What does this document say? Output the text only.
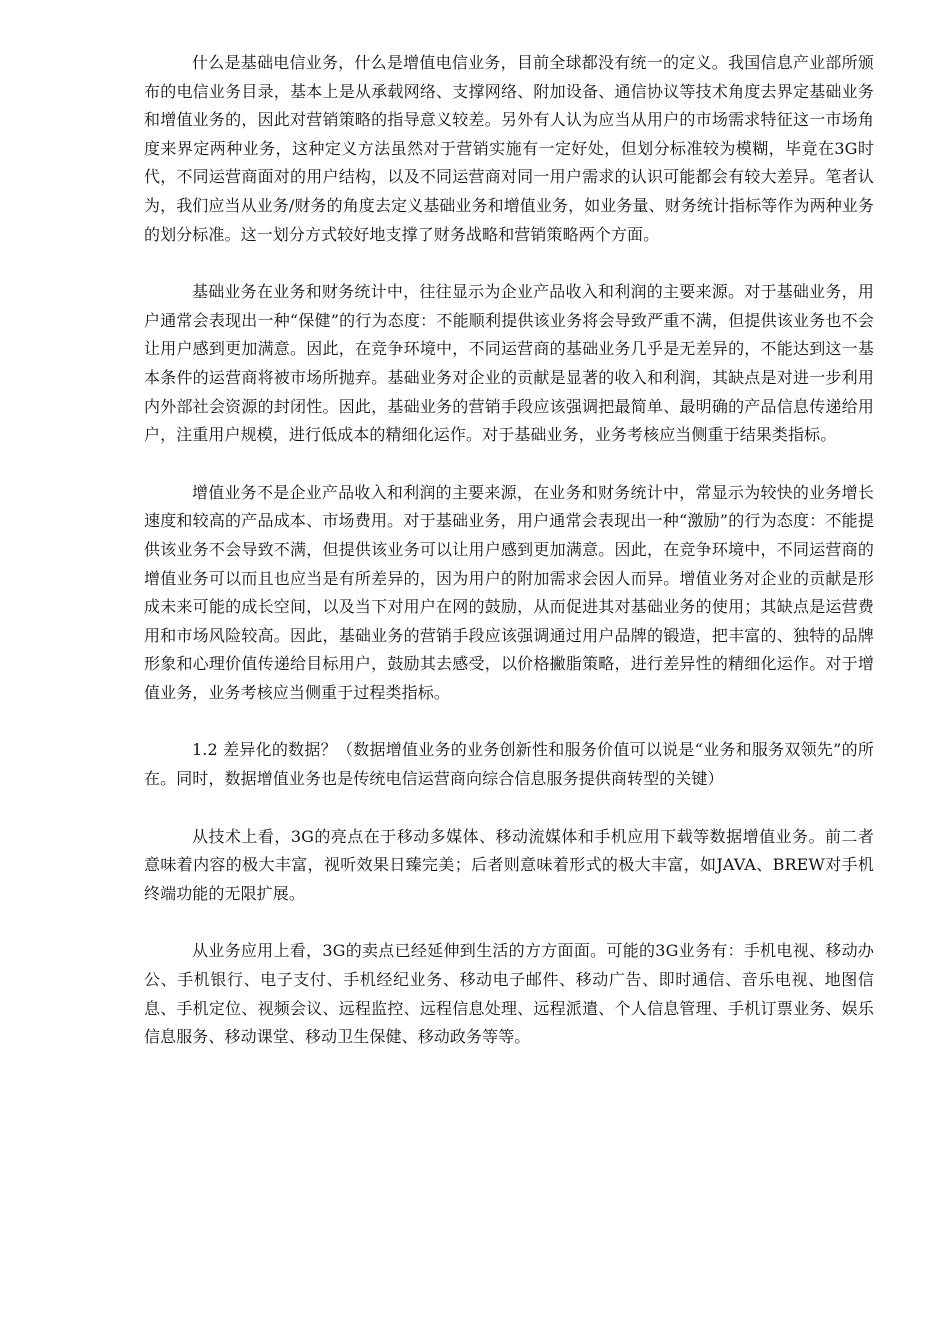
什么是基础电信业务，什么是增值电信业务，目前全球都没有统一的定义。我国信息产业部所颁布的电信业务目录，基本上是从承载网络、支撑网络、附加设备、通信协议等技术角度去界定基础业务和增值业务的，因此对营销策略的指导意义较差。另外有人认为应当从用户的市场需求特征这一市场角度来界定两种业务，这种定义方法虽然对于营销实施有一定好处，但划分标准较为模糊，毕竟在3G时代，不同运营商面对的用户结构，以及不同运营商对同一用户需求的认识可能都会有较大差异。笔者认为，我们应当从业务/财务的角度去定义基础业务和增值业务，如业务量、财务统计指标等作为两种业务的划分标准。这一划分方式较好地支撑了财务战略和营销策略两个方面。

基础业务在业务和财务统计中，往往显示为企业产品收入和利润的主要来源。对于基础业务，用户通常会表现出一种“保健”的行为态度：不能顺利提供该业务将会导致严重不满，但提供该业务也不会让用户感到更加满意。因此，在竞争环境中，不同运营商的基础业务几乎是无差异的，不能达到这一基本条件的运营商将被市场所抛弃。基础业务对企业的贡献是显著的收入和利润，其缺点是对进一步利用内外部社会资源的封闭性。因此，基础业务的营销手段应该强调把最简单、最明确的产品信息传递给用户，注重用户规模，进行低成本的精细化运作。对于基础业务，业务考核应当侧重于结果类指标。

增值业务不是企业产品收入和利润的主要来源，在业务和财务统计中，常显示为较快的业务增长速度和较高的产品成本、市场费用。对于基础业务，用户通常会表现出一种“激励”的行为态度：不能提供该业务不会导致不满，但提供该业务可以让用户感到更加满意。因此，在竞争环境中，不同运营商的增值业务可以而且也应当是有所差异的，因为用户的附加需求会因人而异。增值业务对企业的贡献是形成未来可能的成长空间，以及当下对用户在网的鼓励，从而促进其对基础业务的使用；其缺点是运营费用和市场风险较高。因此，基础业务的营销手段应该强调通过用户品牌的锻造，把丰富的、独特的品牌形象和心理价值传递给目标用户，鼓励其去感受，以价格撇脂策略，进行差异性的精细化运作。对于增值业务，业务考核应当侧重于过程类指标。

1.2 差异化的数据？（数据增值业务的业务创新性和服务价值可以说是“业务和服务双领先”的所在。同时，数据增值业务也是传统电信运营商向综合信息服务提供商转型的关键）

从技术上看，3G的亮点在于移动多媒体、移动流媒体和手机应用下载等数据增值业务。前二者意味着内容的极大丰富，视听效果日臻完美；后者则意味着形式的极大丰富，如JAVA、BREW对手机终端功能的无限扩展。

从业务应用上看，3G的卖点已经延伸到生活的方方面面。可能的3G业务有：手机电视、移动办公、手机银行、电子支付、手机经纪业务、移动电子邮件、移动广告、即时通信、音乐电视、地图信息、手机定位、视频会议、远程监控、远程信息处理、远程派遣、个人信息管理、手机订票业务、娱乐信息服务、移动课堂、移动卫生保健、移动政务等等。
